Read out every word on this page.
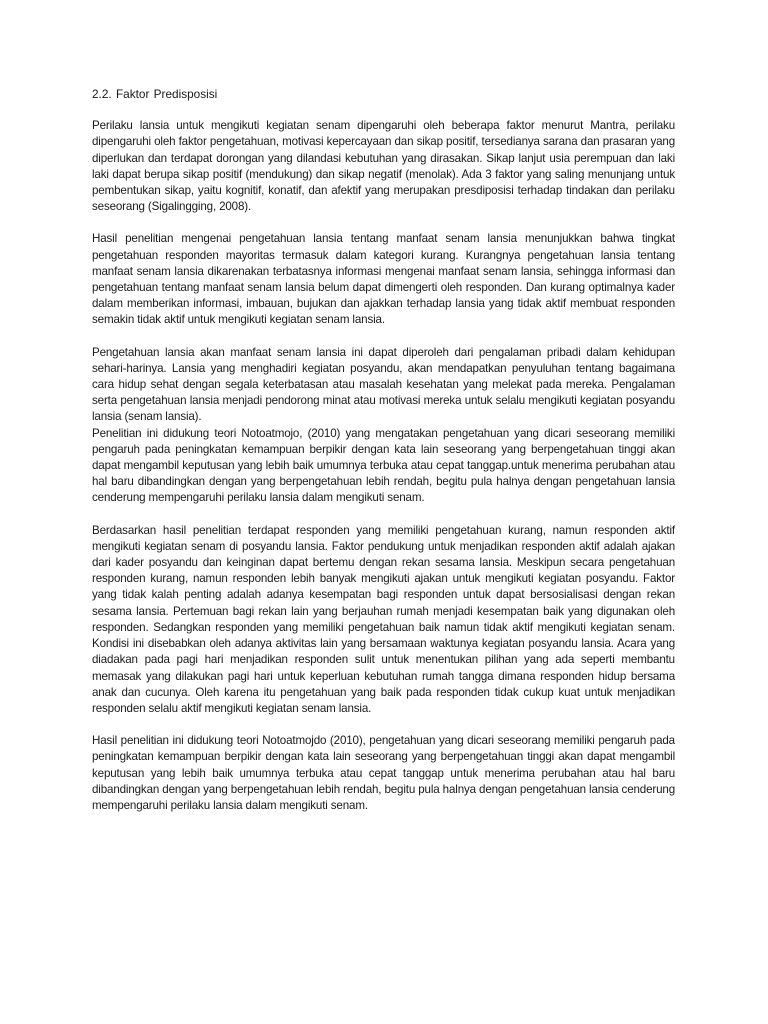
2.2. Faktor Predisposisi

Perilaku lansia untuk mengikuti kegiatan senam dipengaruhi oleh beberapa faktor menurut Mantra, perilaku dipengaruhi oleh faktor pengetahuan, motivasi kepercayaan dan sikap positif, tersedianya sarana dan prasaran yang diperlukan dan terdapat dorongan yang dilandasi kebutuhan yang dirasakan. Sikap lanjut usia perempuan dan laki laki dapat berupa sikap positif (mendukung) dan sikap negatif (menolak). Ada 3 faktor yang saling menunjang untuk pembentukan sikap, yaitu kognitif, konatif, dan afektif yang merupakan presdiposisi terhadap tindakan dan perilaku seseorang (Sigalingging, 2008).

Hasil penelitian mengenai pengetahuan lansia tentang manfaat senam lansia menunjukkan bahwa tingkat pengetahuan responden mayoritas termasuk dalam kategori kurang. Kurangnya pengetahuan lansia tentang manfaat senam lansia dikarenakan terbatasnya informasi mengenai manfaat senam lansia, sehingga informasi dan pengetahuan tentang manfaat senam lansia belum dapat dimengerti oleh responden. Dan kurang optimalnya kader dalam memberikan informasi, imbauan, bujukan dan ajakkan terhadap lansia yang tidak aktif membuat responden semakin tidak aktif untuk mengikuti kegiatan senam lansia.

Pengetahuan lansia akan manfaat senam lansia ini dapat diperoleh dari pengalaman pribadi dalam kehidupan sehari-harinya. Lansia yang menghadiri kegiatan posyandu, akan mendapatkan penyuluhan tentang bagaimana cara hidup sehat dengan segala keterbatasan atau masalah kesehatan yang melekat pada mereka. Pengalaman serta pengetahuan lansia menjadi pendorong minat atau motivasi mereka untuk selalu mengikuti kegiatan posyandu lansia (senam lansia).

Penelitian ini didukung teori Notoatmojo, (2010) yang mengatakan pengetahuan yang dicari seseorang memiliki pengaruh pada peningkatan kemampuan berpikir dengan kata lain seseorang yang berpengetahuan tinggi akan dapat mengambil keputusan yang lebih baik umumnya terbuka atau cepat tanggap.untuk menerima perubahan atau hal baru dibandingkan dengan yang berpengetahuan lebih rendah, begitu pula halnya dengan pengetahuan lansia cenderung mempengaruhi perilaku lansia dalam mengikuti senam.

Berdasarkan hasil penelitian terdapat responden yang memiliki pengetahuan kurang, namun responden aktif mengikuti kegiatan senam di posyandu lansia. Faktor pendukung untuk menjadikan responden aktif adalah ajakan dari kader posyandu dan keinginan dapat bertemu dengan rekan sesama lansia. Meskipun secara pengetahuan responden kurang, namun responden lebih banyak mengikuti ajakan untuk mengikuti kegiatan posyandu. Faktor yang tidak kalah penting adalah adanya kesempatan bagi responden untuk dapat bersosialisasi dengan rekan sesama lansia. Pertemuan bagi rekan lain yang berjauhan rumah menjadi kesempatan baik yang digunakan oleh responden. Sedangkan responden yang memiliki pengetahuan baik namun tidak aktif mengikuti kegiatan senam. Kondisi ini disebabkan oleh adanya aktivitas lain yang bersamaan waktunya kegiatan posyandu lansia. Acara yang diadakan pada pagi hari menjadikan responden sulit untuk menentukan pilihan yang ada seperti membantu memasak yang dilakukan pagi hari untuk keperluan kebutuhan rumah tangga dimana responden hidup bersama anak dan cucunya. Oleh karena itu pengetahuan yang baik pada responden tidak cukup kuat untuk menjadikan responden selalu aktif mengikuti kegiatan senam lansia.

Hasil penelitian ini didukung teori Notoatmojdo (2010), pengetahuan yang dicari seseorang memiliki pengaruh pada peningkatan kemampuan berpikir dengan kata lain seseorang yang berpengetahuan tinggi akan dapat mengambil keputusan yang lebih baik umumnya terbuka atau cepat tanggap untuk menerima perubahan atau hal baru dibandingkan dengan yang berpengetahuan lebih rendah, begitu pula halnya dengan pengetahuan lansia cenderung mempengaruhi perilaku lansia dalam mengikuti senam.
